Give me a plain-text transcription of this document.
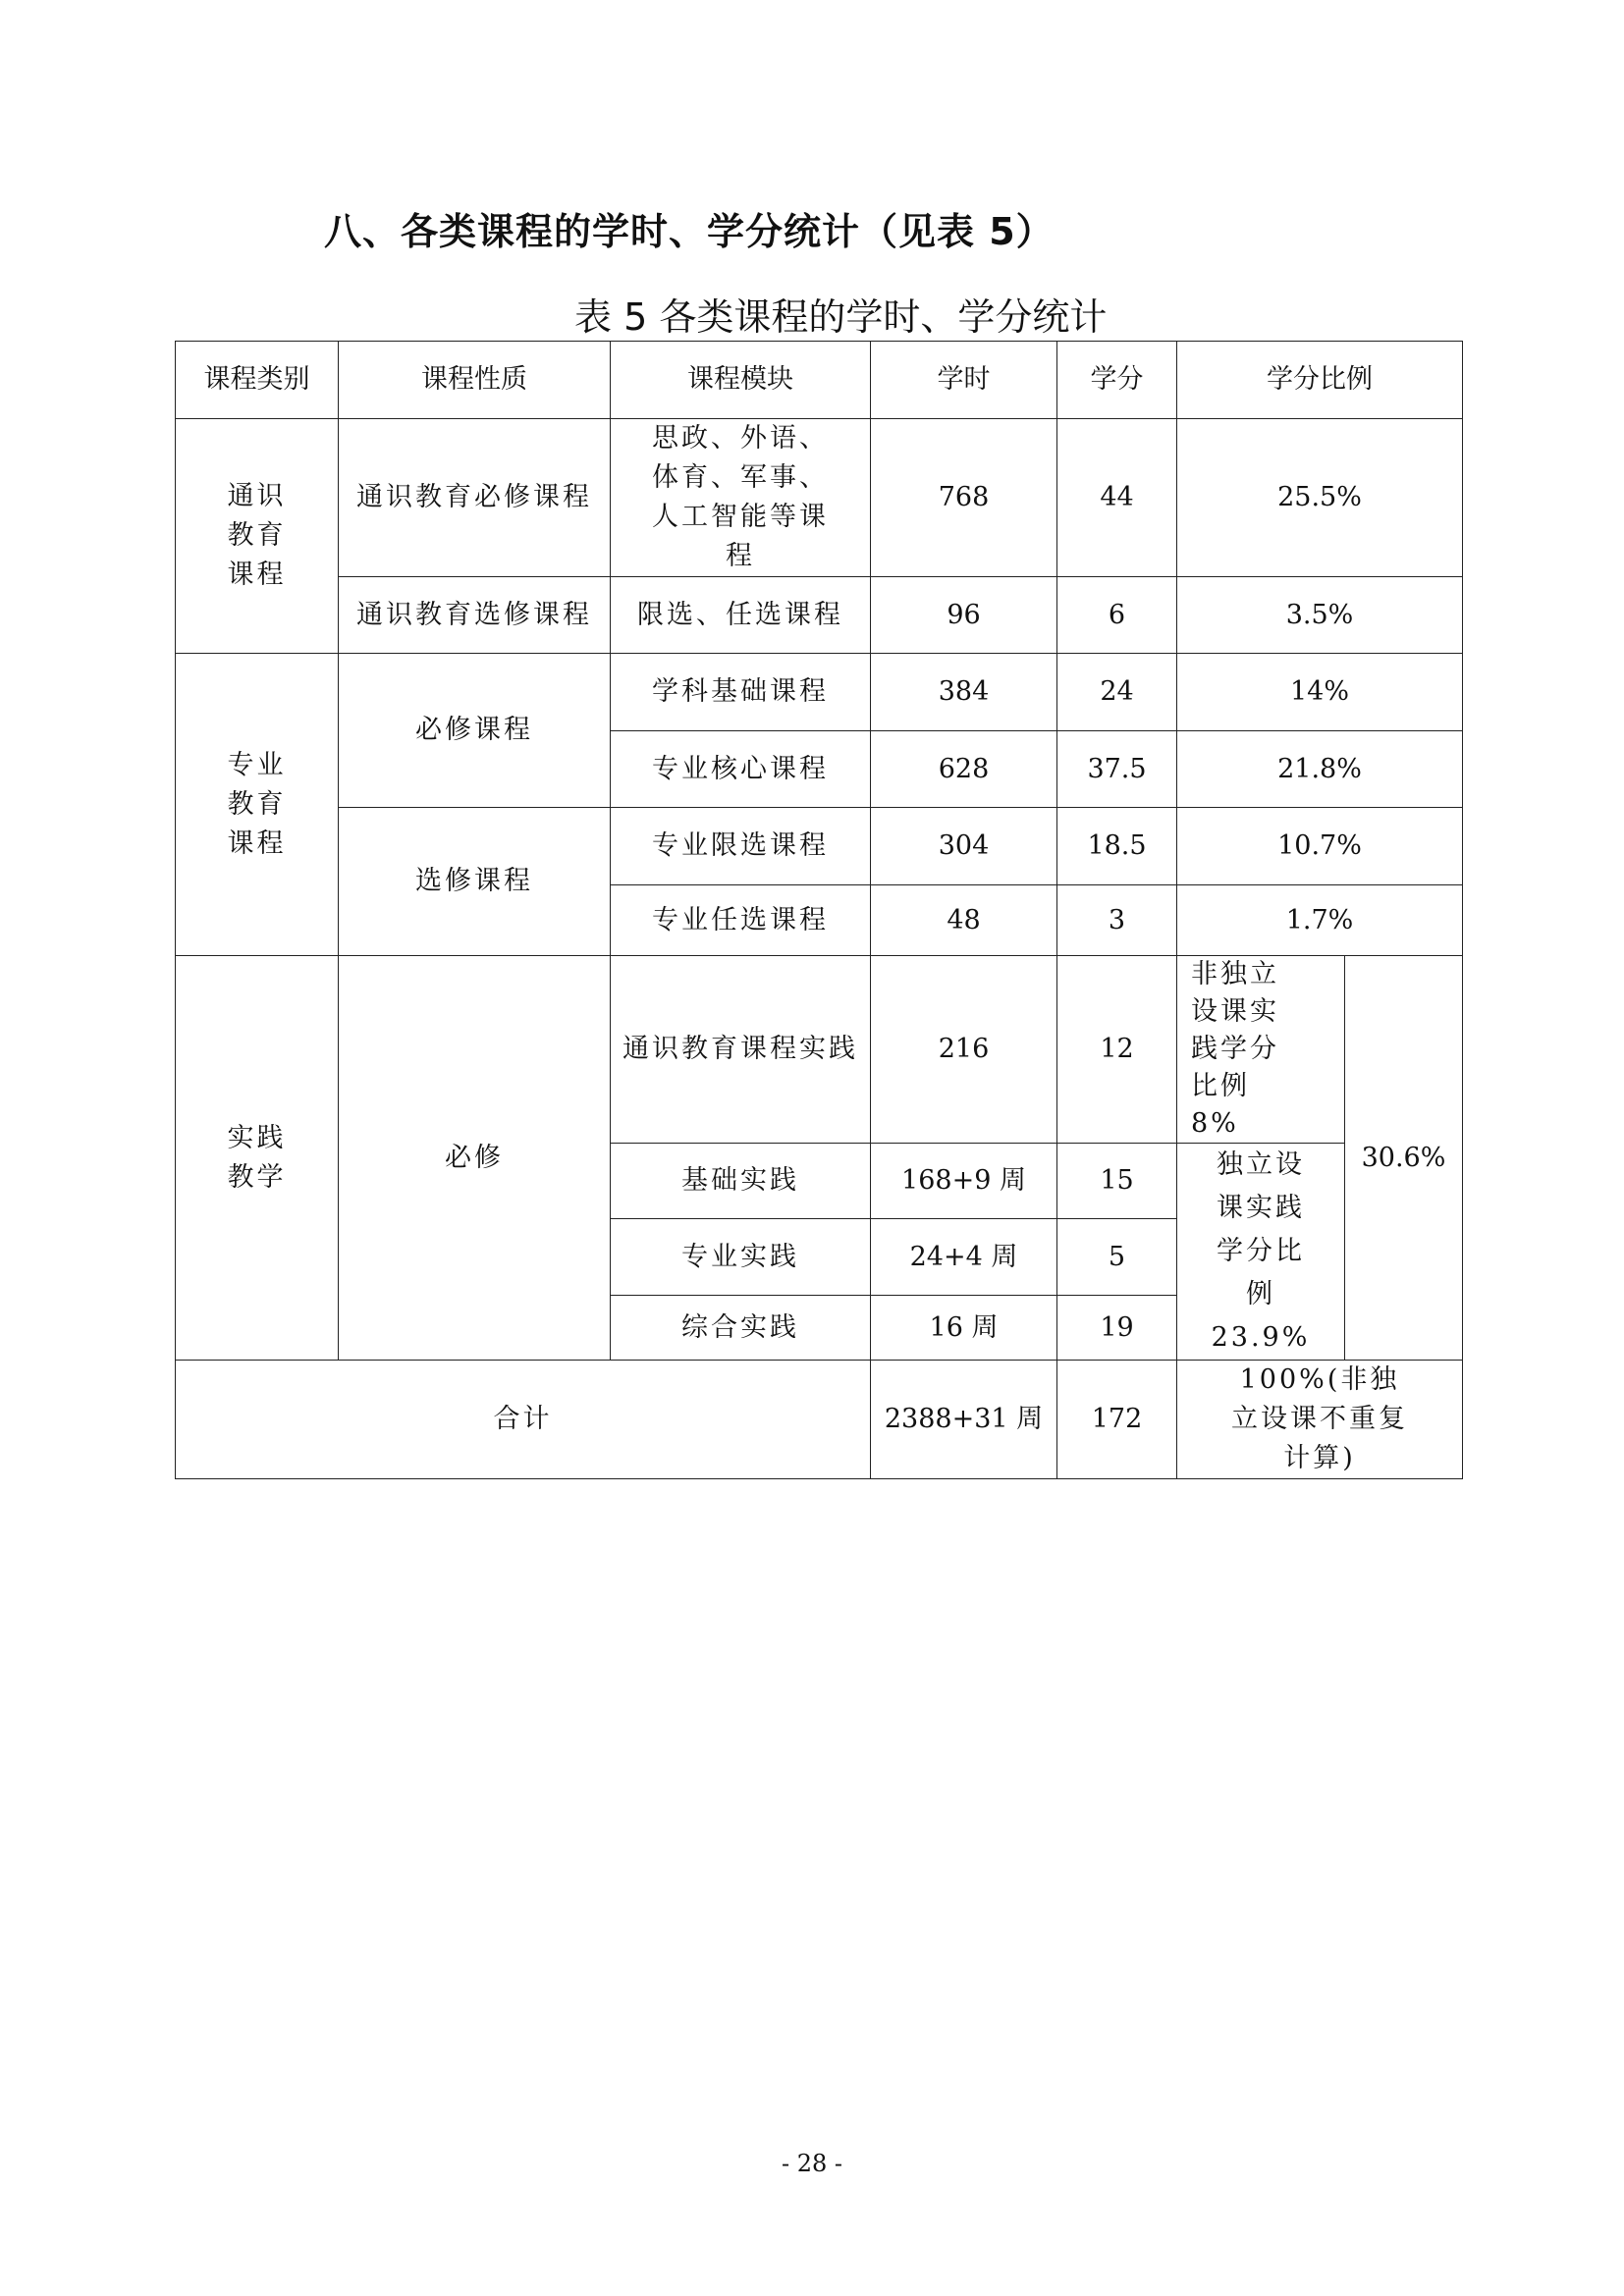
八、各类课程的学时、学分统计（见表 5）
表 5 各类课程的学时、学分统计
课程类别	课程性质	课程模块	学时	学分	学分比例	

通识教育课程	通识教育必修课程	思政、外语、体育、军事、人工智能等课程	768	44	25.5%	
	通识教育选修课程	限选、任选课程	96	6	3.5%	

专业教育课程	必修课程	学科基础课程	384	24	14%	
		专业核心课程	628	37.5	21.8%	
	选修课程	专业限选课程	304	18.5	10.7%	
		专业任选课程	48	3	1.7%	

实践教学	必修	通识教育课程实践	216	12	非独立设课实践学分比例 8%	30.6%
		基础实践	168+9 周	15	独立设课实践学分比例 23.9%	

		专业实践	24+4 周	5		
		综合实践	16 周	19		
合计			2388+31 周	172	100%(非独立设课不重复计算)	
- 28 -
